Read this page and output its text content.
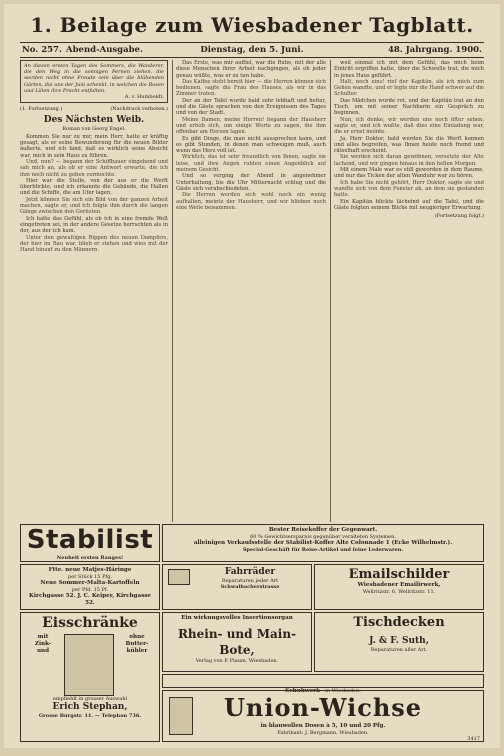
1. Beilage zum Wiesbadener Tagblatt.
No. 257. Abend-Ausgabe.	Dienstag, den 5. Juni.	48. Jahrgang. 1900.
An diesen ersten Tagen des Sommers, die Wanderer, die den Weg in die sonnigen Fernen ziehen, die werden nicht ohne Freude sein über die blühenden Gärten, die uns der Juni schenkt, in welchen die Rosen und Lilien ihre Pracht entfalten.
A. v. Humboldt.
(1. Fortsetzung.)	(Nachdruck verboten.)
Des Nächsten Weib.
Roman von Georg Engel.

Kommen Sie nur zu mir, mein Herr, hatte er kräftig gesagt, als er seine Bewunderung für die neuen Bilder äußerte, und ich fand, daß es wirklich seine Absicht war, mich in sein Haus zu führen.

Und, nun? — begann der Schiffbauer eingehend und sah mich an, als ob er eine Antwort erwarte, die ich ihm noch nicht zu geben vermochte.

Hier war die Stelle, von der aus er die Werft überblickte, und ich erkannte die Gebäude, die Hallen und die Schiffe, die am Ufer lagen.

Jetzt können Sie sich ein Bild von der ganzen Arbeit machen, sagte er, und ich folgte ihm durch die langen Gänge zwischen den Gerüsten.

Ich hatte das Gefühl, als ob ich in eine fremde Welt eingetreten sei, in der andere Gesetze herrschten als in der, aus der ich kam.

Unter den gewaltigen Rippen des neuen Dampfers, der hier im Bau war, blieb er stehen und wies mit der Hand hinauf zu den Männern.

Das Erste, was mir auffiel, war die Ruhe, mit der alle diese Menschen ihrer Arbeit nachgingen, als ob jeder genau wüßte, was er zu tun habe.

Das Kaffee steht bereit hier — die Herren können sich bedienen, sagte die Frau des Hauses, als wir in das Zimmer traten.

Der an der Tafel wurde bald sehr lebhaft und heiter, und die Gäste sprachen von den Ereignissen des Tages und von der Stadt.

Meine Damen, meine Herren! begann der Hausherr und erhob sich, um einige Worte zu sagen, die ihm offenbar am Herzen lagen.

Es gibt Dinge, die man nicht aussprechen kann, und es gibt Stunden, in denen man schweigen muß, auch wenn das Herz voll ist.

Wirklich, das ist sehr freundlich von Ihnen, sagte sie leise, und ihre Augen ruhten einen Augenblick auf meinem Gesicht.

Und so verging der Abend in angenehmer Unterhaltung, bis die Uhr Mitternacht schlug und die Gäste sich verabschiedeten.

Die Herren werden sich wohl noch ein wenig aufhalten, meinte der Hausherr, und wir blieben noch eine Weile beisammen.

weil einmal ich mit dem Gefühl, das mich beim Eintritt ergriffen hatte, über die Schwelle trat, die mich in jenes Haus geführt.

Halt, noch eins! rief der Kapitän, als ich mich zum Gehen wandte, und er legte mir die Hand schwer auf die Schulter.

Das Mädchen wurde rot, und der Kapitän trat an den Tisch, um mit seiner Nachbarin ein Gespräch zu beginnen.

Nun, ich denke, wir werden uns noch öfter sehen, sagte er, und ich wußte, daß dies eine Einladung war, die er ernst meinte.

Ja, Herr Doktor, bald werden Sie die Werft kennen und alles begreifen, was Ihnen heute noch fremd und rätselhaft erscheint.

Sie werden sich daran gewöhnen, versetzte der Alte lachend, und wir gingen hinaus in den hellen Morgen.

Mit einem Male war es still geworden in dem Raume, und nur das Ticken der alten Wanduhr war zu hören.

Ich habe Sie nicht gehört, Herr Doktor, sagte sie und wandte sich von dem Fenster ab, an dem sie gestanden hatte.

Ein Kapitän blickte lächelnd auf die Tafel, und die Gäste folgten seinem Blicke mit neugieriger Erwartung.

(Fortsetzung folgt.)
Stabilist
Neuheit ersten Ranges!
Bester Reisekoffer der Gegenwart.
60 % Gewichtsersparnis gegenüber veralteten Systemen.
alleinigen Verkaufsstelle der Stabilist-Koffer Alte Colonnade 1 (Ecke Wilhelmstr.).
Special-Geschäft für Reise-Artikel und feine Lederwaren.
Ftte. neue Matjes-Häringe
per Stück 15 Pfg.
Neue Sommer-Malta-Kartoffeln
per Pfd. 15 Pf.
Kirchgasse 52. J. C. Keiper, Kirchgasse 52.
Fahrräder
Reparaturen jeder Art
Schwalbacherstrasse
Emailschilder
Wiesbadener Emailirwerk,
Wellritzstr. 6. Wellritzstr. 11.
Eisschränke
mit
Zink- und
ohne
Butter-
kühler
empfiehlt in grosser Auswahl
Erich Stephan,
Grosse Burgstr. 11. — Telephon 736.
Ein wirkungsvolles Insertionsorgan
Rhein- und Main-Bote,
Verlag von P. Plaum, Wiesbaden.
Tischdecken
J. & F. Suth,
Reparaturen aller Art.
Schuhwerk in Wiesbaden.
Union-Wichse
in blauwollen Dosen à 5, 10 und 20 Pfg.
Fabrikant: J. Bergmann, Wiesbaden.
3417
